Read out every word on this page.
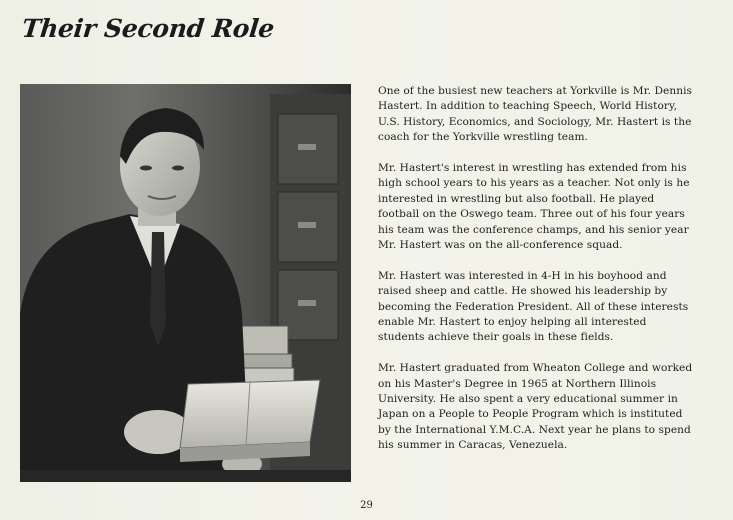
Their Second Role

One of the busiest new teachers at Yorkville is Mr. Dennis Hastert. In addition to teaching Speech, World History, U.S. History, Economics, and Sociology, Mr. Hastert is the coach for the Yorkville wrestling team.

Mr. Hastert's interest in wrestling has extended from his high school years to his years as a teacher. Not only is he interested in wrestling but also football. He played football on the Oswego team. Three out of his four years his team was the conference champs, and his senior year Mr. Hastert was on the all-conference squad.

Mr. Hastert was interested in 4-H in his boyhood and raised sheep and cattle. He showed his leadership by becoming the Federation President. All of these interests enable Mr. Hastert to enjoy helping all interested students achieve their goals in these fields.

Mr. Hastert graduated from Wheaton College and worked on his Master's Degree in 1965 at Northern Illinois University. He also spent a very educational summer in Japan on a People to People Program which is instituted by the International Y.M.C.A. Next year he plans to spend his summer in Caracas, Venezuela.

29
